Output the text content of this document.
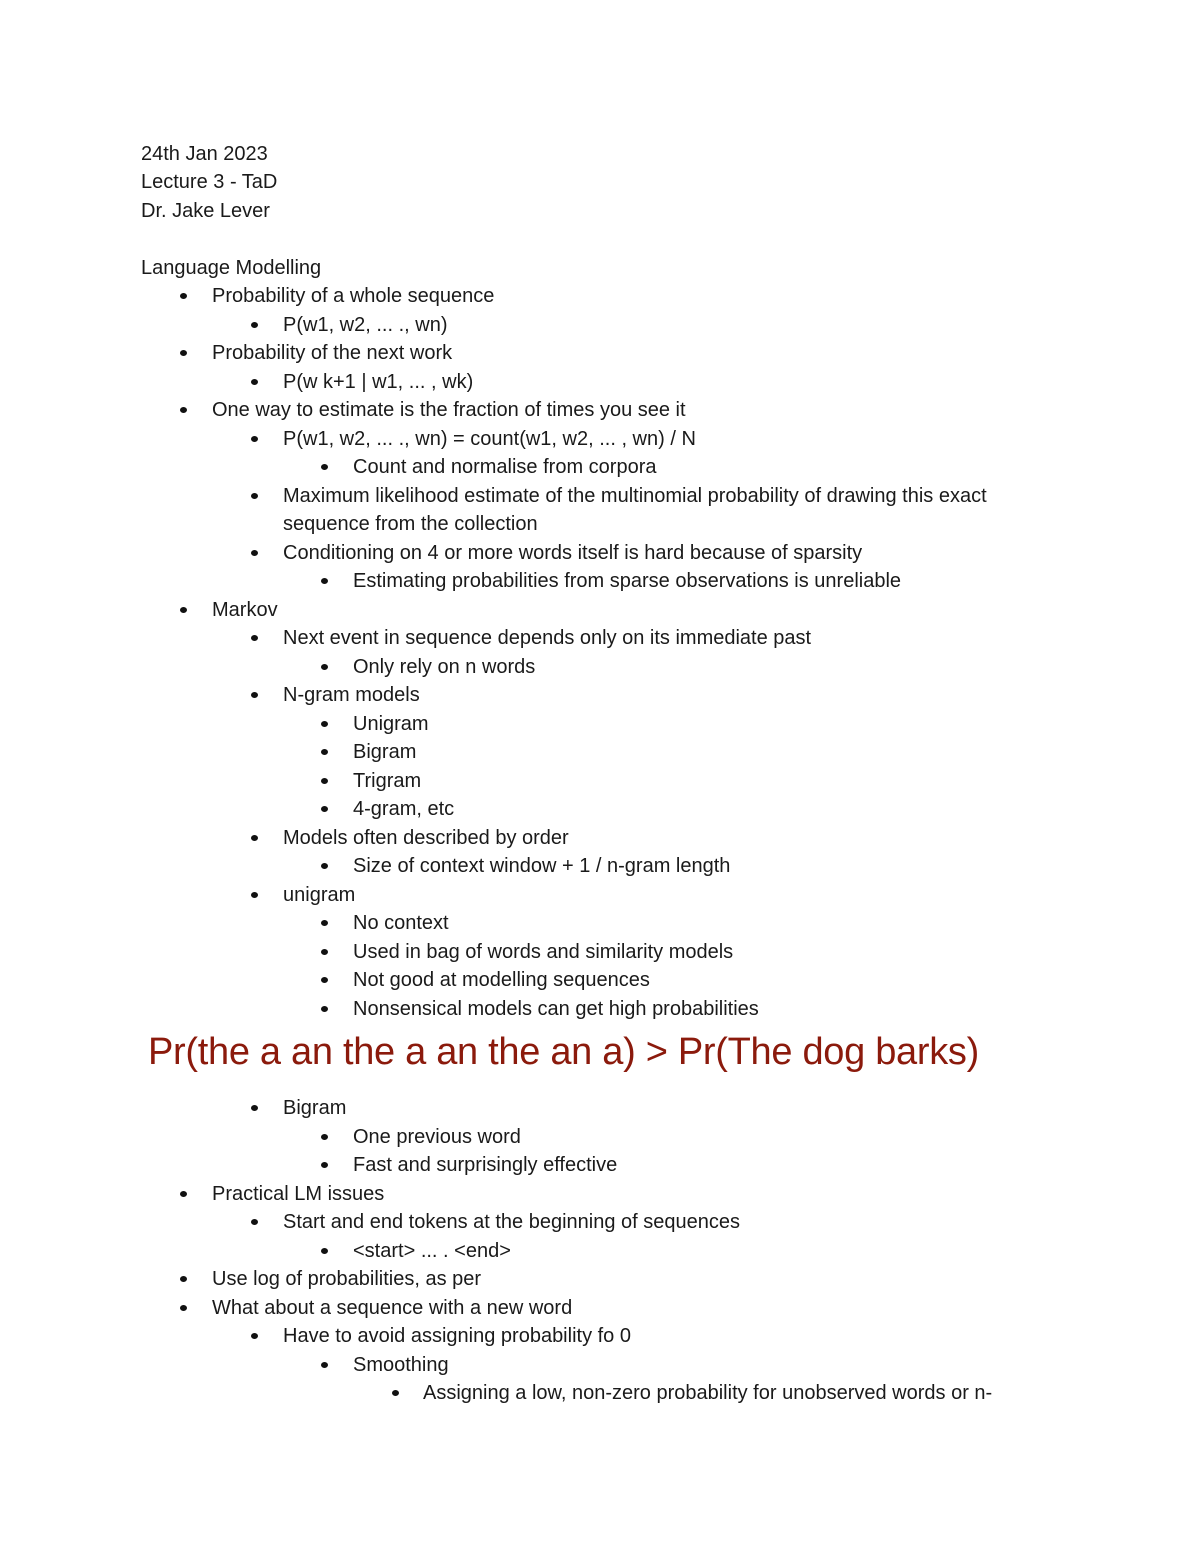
24th Jan 2023
Lecture 3 - TaD
Dr. Jake Lever
Language Modelling
Probability of a whole sequence
P(w1, w2, ... ., wn)
Probability of the next work
P(w k+1 | w1, ... , wk)
One way to estimate is the fraction of times you see it
P(w1, w2, ... ., wn) = count(w1, w2, ... , wn) / N
Count and normalise from corpora
Maximum likelihood estimate of the multinomial probability of drawing this exact
sequence from the collection
Conditioning on 4 or more words itself is hard because of sparsity
Estimating probabilities from sparse observations is unreliable
Markov
Next event in sequence depends only on its immediate past
Only rely on n words
N-gram models
Unigram
Bigram
Trigram
4-gram, etc
Models often described by order
Size of context window + 1 / n-gram length
unigram
No context
Used in bag of words and similarity models
Not good at modelling sequences
Nonsensical models can get high probabilities
Pr(the a an the a an the an a) > Pr(The dog barks)
Bigram
One previous word
Fast and surprisingly effective
Practical LM issues
Start and end tokens at the beginning of sequences
<start> ... . <end>
Use log of probabilities, as per
What about a sequence with a new word
Have to avoid assigning probability fo 0
Smoothing
Assigning a low, non-zero probability for unobserved words or n-
